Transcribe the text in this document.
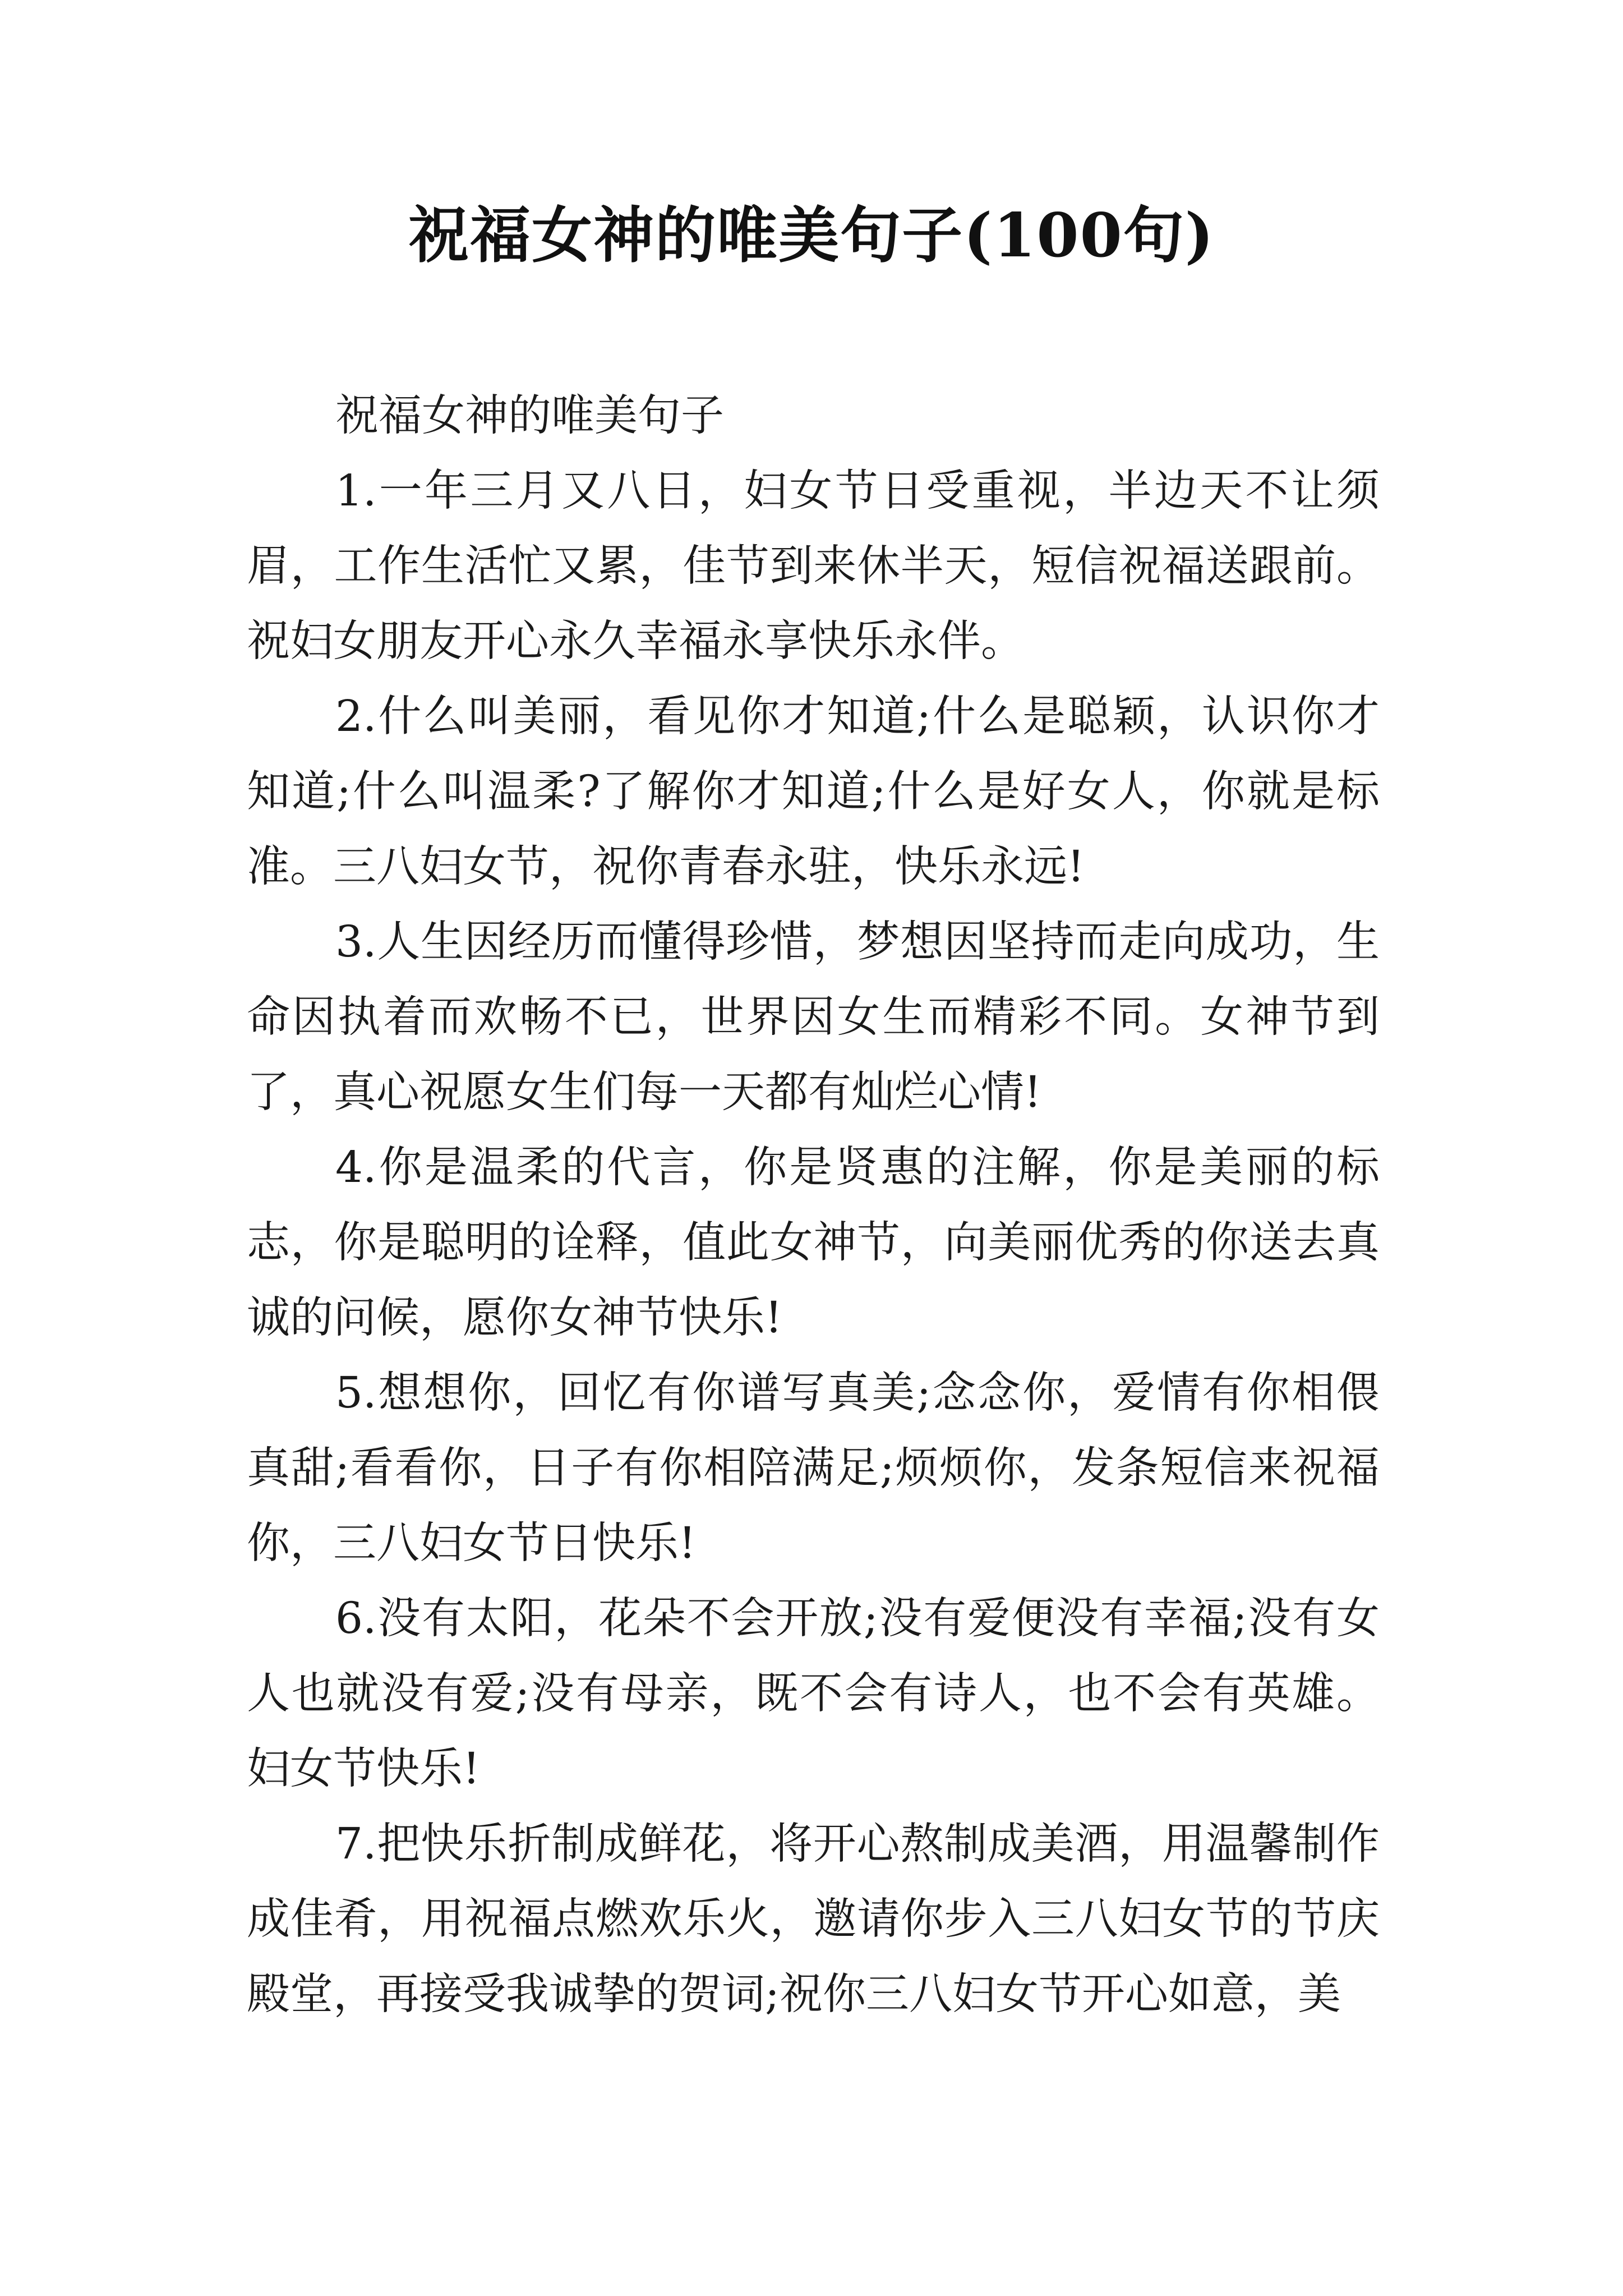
祝福女神的唯美句子(100句)

祝福女神的唯美句子

1.一年三月又八日，妇女节日受重视，半边天不让须眉，工作生活忙又累，佳节到来休半天，短信祝福送跟前。祝妇女朋友开心永久幸福永享快乐永伴。

2.什么叫美丽，看见你才知道;什么是聪颖，认识你才知道;什么叫温柔?了解你才知道;什么是好女人，你就是标准。三八妇女节，祝你青春永驻，快乐永远!

3.人生因经历而懂得珍惜，梦想因坚持而走向成功，生命因执着而欢畅不已，世界因女生而精彩不同。女神节到了，真心祝愿女生们每一天都有灿烂心情!

4.你是温柔的代言，你是贤惠的注解，你是美丽的标志，你是聪明的诠释，值此女神节，向美丽优秀的你送去真诚的问候，愿你女神节快乐!

5.想想你，回忆有你谱写真美;念念你，爱情有你相偎真甜;看看你，日子有你相陪满足;烦烦你，发条短信来祝福你，三八妇女节日快乐!

6.没有太阳，花朵不会开放;没有爱便没有幸福;没有女人也就没有爱;没有母亲，既不会有诗人，也不会有英雄。妇女节快乐!

7.把快乐折制成鲜花，将开心熬制成美酒，用温馨制作成佳肴，用祝福点燃欢乐火，邀请你步入三八妇女节的节庆殿堂，再接受我诚挚的贺词;祝你三八妇女节开心如意，美
